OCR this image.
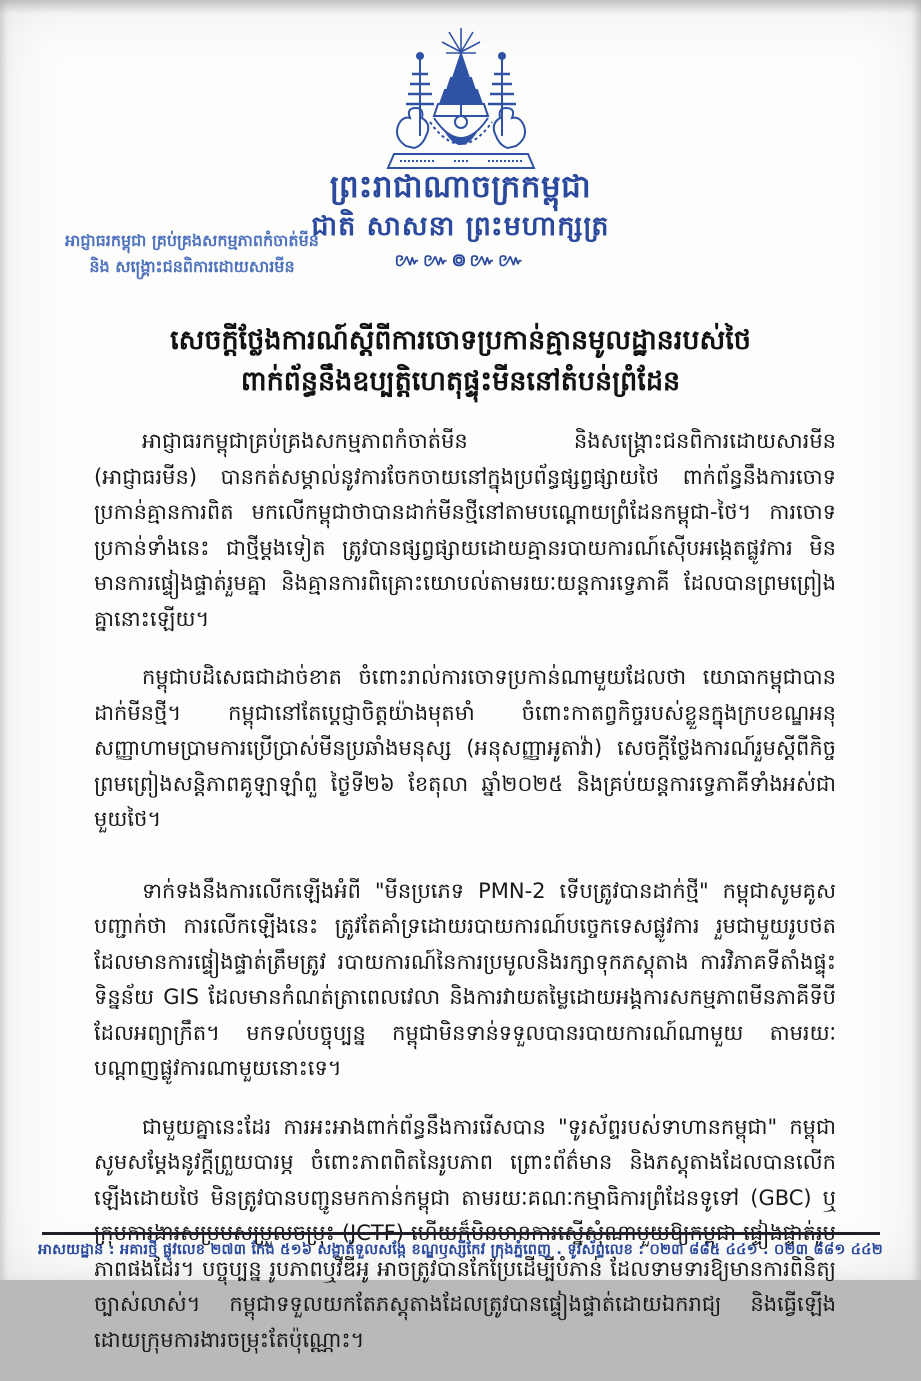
ព្រះរាជាណាចក្រកម្ពុជា
ជាតិ សាសនា ព្រះមហាក្សត្រ
៚៚៙៚៚
អាជ្ញាធរកម្ពុជា គ្រប់គ្រងសកម្មភាពកំចាត់មីន
និង សង្គ្រោះជនពិការដោយសារមីន
សេចក្ដីថ្លែងការណ៍ស្ដីពីការចោទប្រកាន់គ្មានមូលដ្ឋានរបស់ថៃ
ពាក់ព័ន្ធនឹងឧប្បត្តិហេតុផ្ទុះមីននៅតំបន់ព្រំដែន

អាជ្ញាធរកម្ពុជាគ្រប់គ្រងសកម្មភាពកំចាត់មីន និងសង្គ្រោះជនពិការដោយសារមីន (អាជ្ញាធរមីន) បានកត់សម្គាល់នូវការចែកចាយនៅក្នុងប្រព័ន្ធផ្សព្វផ្សាយថៃ ពាក់ព័ន្ធនឹងការចោទប្រកាន់គ្មានការពិត មកលើកម្ពុជាថាបានដាក់មីនថ្មីនៅតាមបណ្ដោយព្រំដែនកម្ពុជា-ថៃ។ ការចោទប្រកាន់ទាំងនេះ ជាថ្មីម្ដងទៀត ត្រូវបានផ្សព្វផ្សាយដោយគ្មានរបាយការណ៍ស៊ើបអង្កេតផ្លូវការ មិនមានការផ្ទៀងផ្ទាត់រួមគ្នា និងគ្មានការពិគ្រោះយោបល់តាមរយៈយន្តការទ្វេភាគី ដែលបានព្រមព្រៀងគ្នានោះឡើយ។

កម្ពុជាបដិសេធជាដាច់ខាត ចំពោះរាល់ការចោទប្រកាន់ណាមួយដែលថា យោធាកម្ពុជាបានដាក់មីនថ្មី។ កម្ពុជានៅតែប្ដេជ្ញាចិត្តយ៉ាងមុតមាំ ចំពោះកាតព្វកិច្ចរបស់ខ្លួនក្នុងក្របខណ្ឌអនុសញ្ញាហាមប្រាមការប្រើប្រាស់មីនប្រឆាំងមនុស្ស (អនុសញ្ញាអូតាវ៉ា) សេចក្ដីថ្លែងការណ៍រួមស្ដីពីកិច្ចព្រមព្រៀងសន្តិភាពគូឡាឡាំពួ ថ្ងៃទី២៦ ខែតុលា ឆ្នាំ២០២៥ និងគ្រប់យន្តការទ្វេភាគីទាំងអស់ជាមួយថៃ។

ទាក់ទងនឹងការលើកឡើងអំពី "មីនប្រភេទ PMN-2 ទើបត្រូវបានដាក់ថ្មី" កម្ពុជាសូមគូសបញ្ជាក់ថា ការលើកឡើងនេះ ត្រូវតែគាំទ្រដោយរបាយការណ៍បច្ចេកទេសផ្លូវការ រួមជាមួយរូបថតដែលមានការផ្ទៀងផ្ទាត់ត្រឹមត្រូវ របាយការណ៍នៃការប្រមូលនិងរក្សាទុកភស្តុតាង ការវិភាគទីតាំងផ្ទុះ ទិន្នន័យ GIS ដែលមានកំណត់ត្រាពេលវេលា និងការវាយតម្លៃដោយអង្គការសកម្មភាពមីនភាគីទីបីដែលអព្យាក្រឹត។ មកទល់បច្ចុប្បន្ន កម្ពុជាមិនទាន់ទទួលបានរបាយការណ៍ណាមួយ តាមរយៈបណ្ដាញផ្លូវការណាមួយនោះទេ។

ជាមួយគ្នានេះដែរ ការអះអាងពាក់ព័ន្ធនឹងការរើសបាន "ទូរស័ព្ទរបស់ទាហានកម្ពុជា" កម្ពុជា សូមសម្ដែងនូវក្ដីព្រួយបារម្ភ ចំពោះភាពពិតនៃរូបភាព ព្រោះព័ត៌មាន និងភស្តុតាងដែលបានលើកឡើងដោយថៃ មិនត្រូវបានបញ្ជូនមកកាន់កម្ពុជា តាមរយៈគណៈកម្មាធិការព្រំដែនទូទៅ (GBC) ឬក្រុមការងារសម្របសម្រួលចម្រុះ (JCTF) ហើយក៏មិនមានការស្នើសុំណាមួយឱ្យកម្ពុជា ផ្ទៀងផ្ទាត់រូបភាពផងដែរ។ បច្ចុប្បន្ន រូបភាពឬវីឌីអូ អាចត្រូវបានកែប្រែដើម្បីបំភាន់ ដែលទាមទារឱ្យមានការពិនិត្យច្បាស់លាស់។ កម្ពុជាទទួលយកតែភស្តុតាងដែលត្រូវបានផ្ទៀងផ្ទាត់ដោយឯករាជ្យ និងធ្វើឡើងដោយក្រុមការងារចម្រុះតែប៉ុណ្ណោះ។

អាសយដ្ឋាន : អគារថ្មី ផ្លូវលេខ ២៧៣ កែង ៥១៦ សង្កាត់ទួលសង្កែ ខណ្ឌឫស្សីកែវ ក្រុងភ្នំពេញ . ទូរស័ព្ទលេខ : ០២៣ ៨៨៥ ៤៤១ . ០២៣ ៨៨១ ៤៤២
